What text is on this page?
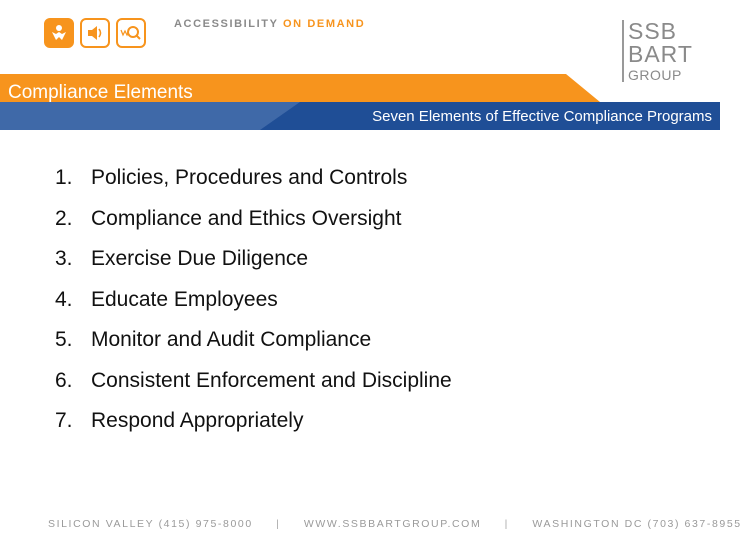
ACCESSIBILITY ON DEMAND	SSB
BART
GROUP
Compliance Elements
Seven Elements of Effective Compliance Programs
1. Policies, Procedures and Controls
2. Compliance and Ethics Oversight
3. Exercise Due Diligence
4. Educate Employees
5. Monitor and Audit Compliance
6. Consistent Enforcement and Discipline
7. Respond Appropriately
SILICON VALLEY (415) 975-8000 | WWW.SSBBARTGROUP.COM | WASHINGTON DC (703) 637-8955
